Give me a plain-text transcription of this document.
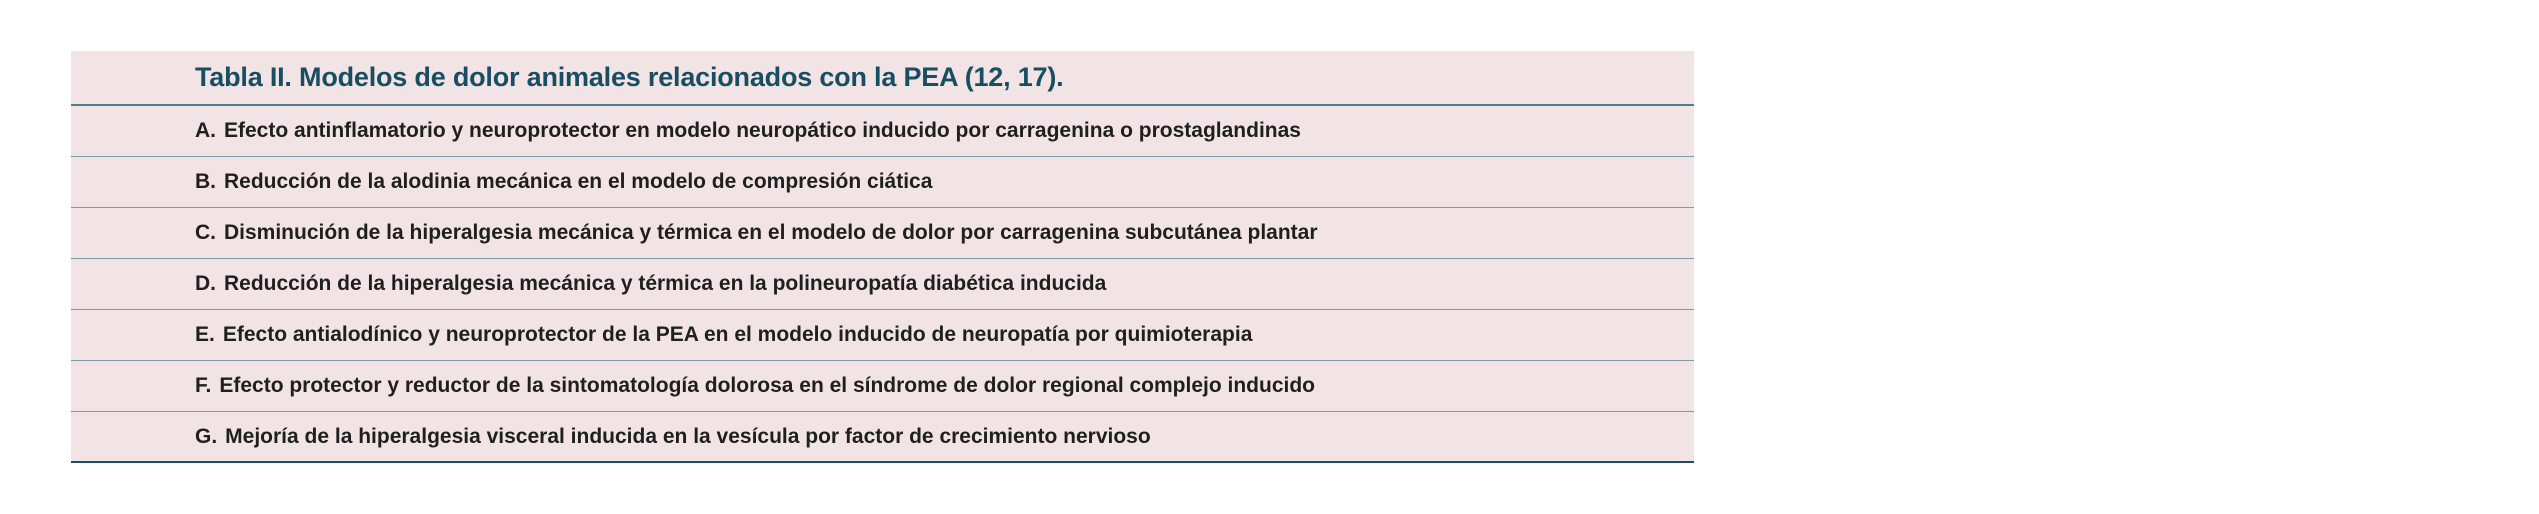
Tabla II. Modelos de dolor animales relacionados con la PEA (12, 17).
A. Efecto antinflamatorio y neuroprotector en modelo neuropático inducido por carragenina o prostaglandinas
B. Reducción de la alodinia mecánica en el modelo de compresión ciática
C. Disminución de la hiperalgesia mecánica y térmica en el modelo de dolor por carragenina subcutánea plantar
D. Reducción de la hiperalgesia mecánica y térmica en la polineuropatía diabética inducida
E. Efecto antialodínico y neuroprotector de la PEA en el modelo inducido de neuropatía por quimioterapia
F. Efecto protector y reductor de la sintomatología dolorosa en el síndrome de dolor regional complejo inducido
G. Mejoría de la hiperalgesia visceral inducida en la vesícula por factor de crecimiento nervioso
